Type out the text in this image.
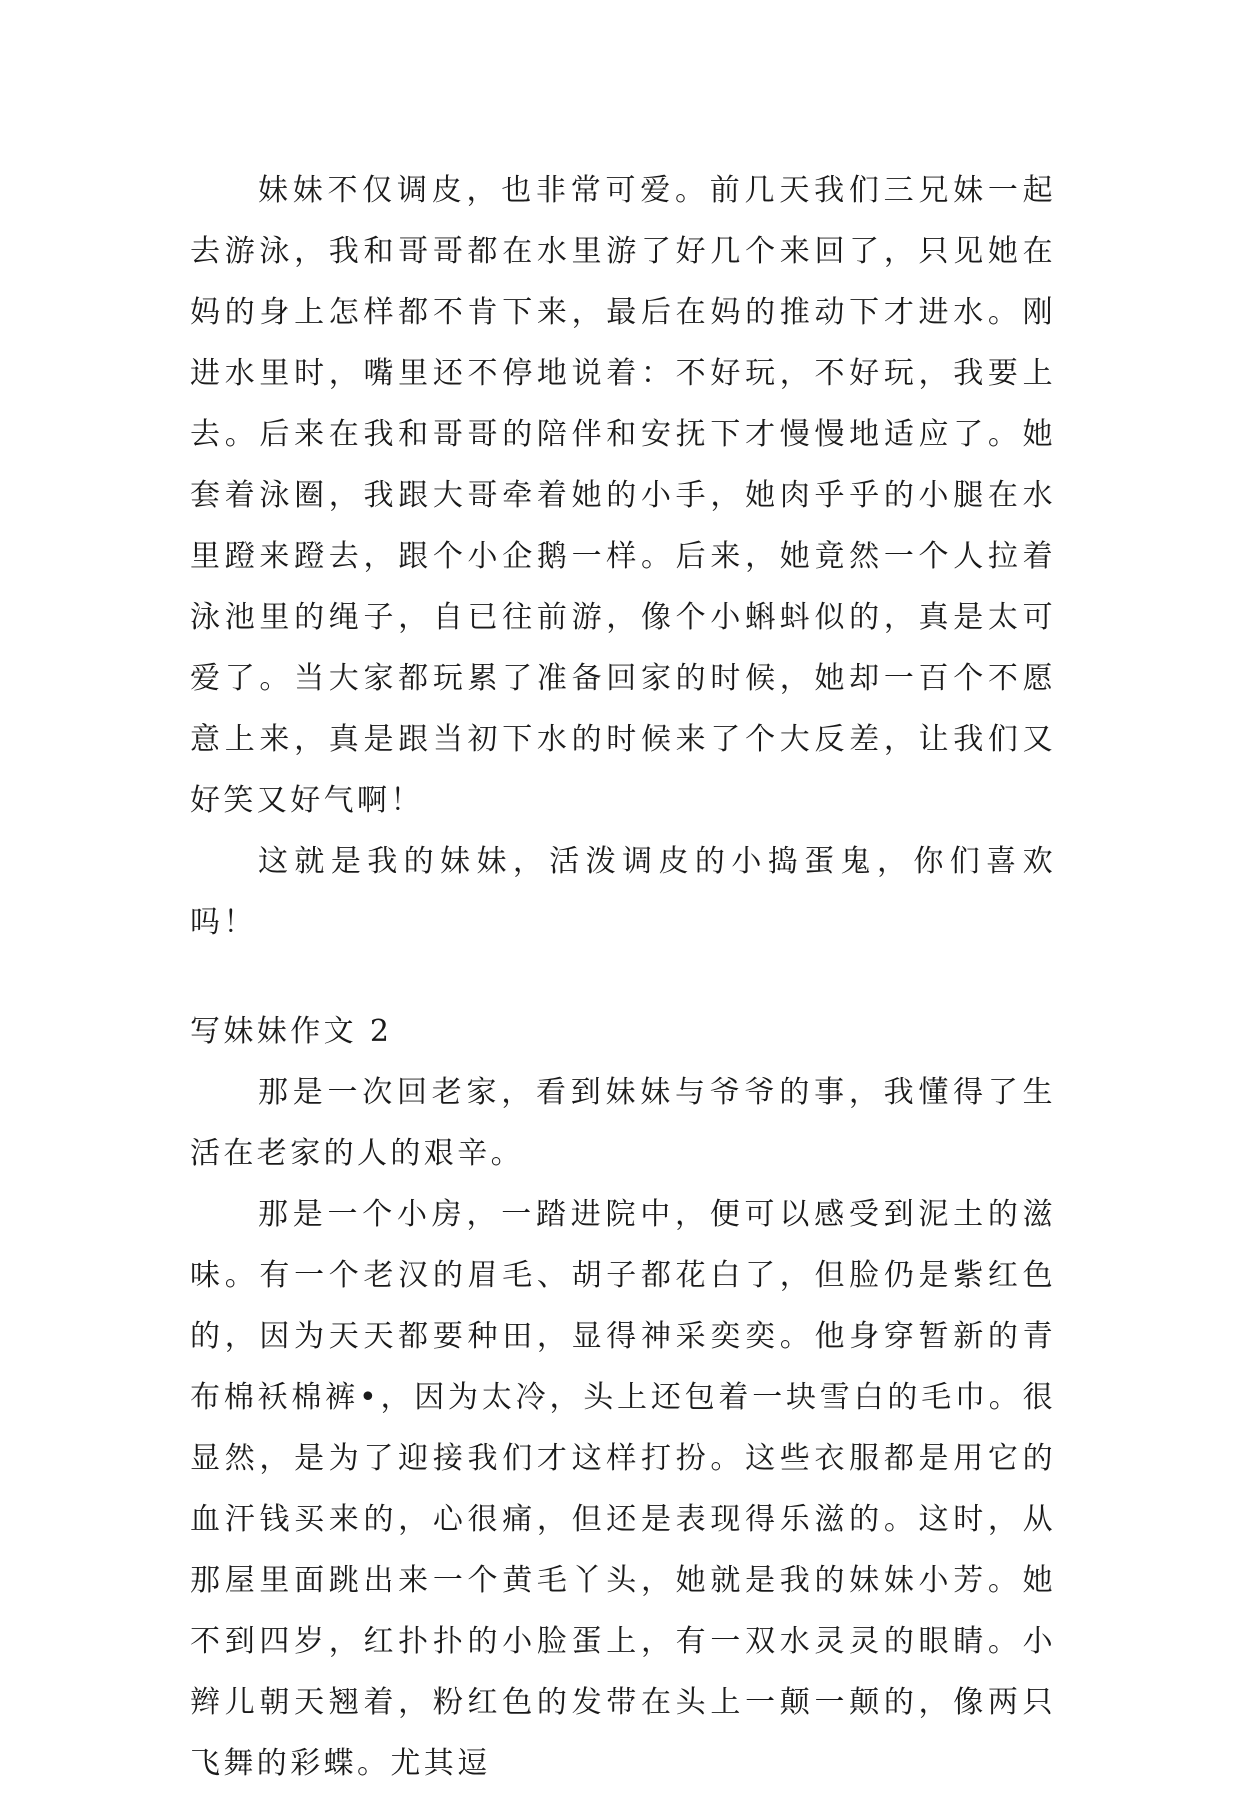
妹妹不仅调皮，也非常可爱。前几天我们三兄妹一起去游泳，我和哥哥都在水里游了好几个来回了，只见她在妈的身上怎样都不肯下来，最后在妈的推动下才进水。刚进水里时，嘴里还不停地说着：不好玩，不好玩，我要上去。后来在我和哥哥的陪伴和安抚下才慢慢地适应了。她套着泳圈，我跟大哥牵着她的小手，她肉乎乎的小腿在水里蹬来蹬去，跟个小企鹅一样。后来，她竟然一个人拉着泳池里的绳子，自已往前游，像个小蝌蚪似的，真是太可爱了。当大家都玩累了准备回家的时候，她却一百个不愿意上来，真是跟当初下水的时候来了个大反差，让我们又好笑又好气啊！

这就是我的妹妹，活泼调皮的小捣蛋鬼，你们喜欢吗！

写妹妹作文 2

那是一次回老家，看到妹妹与爷爷的事，我懂得了生活在老家的人的艰辛。

那是一个小房，一踏进院中，便可以感受到泥土的滋味。有一个老汉的眉毛、胡子都花白了，但脸仍是紫红色的，因为天天都要种田，显得神采奕奕。他身穿暂新的青布棉袄棉裤•，因为太冷，头上还包着一块雪白的毛巾。很显然，是为了迎接我们才这样打扮。这些衣服都是用它的血汗钱买来的，心很痛，但还是表现得乐滋的。这时，从那屋里面跳出来一个黄毛丫头，她就是我的妹妹小芳。她不到四岁，红扑扑的小脸蛋上，有一双水灵灵的眼睛。小辫儿朝天翘着，粉红色的发带在头上一颠一颠的，像两只飞舞的彩蝶。尤其逗
